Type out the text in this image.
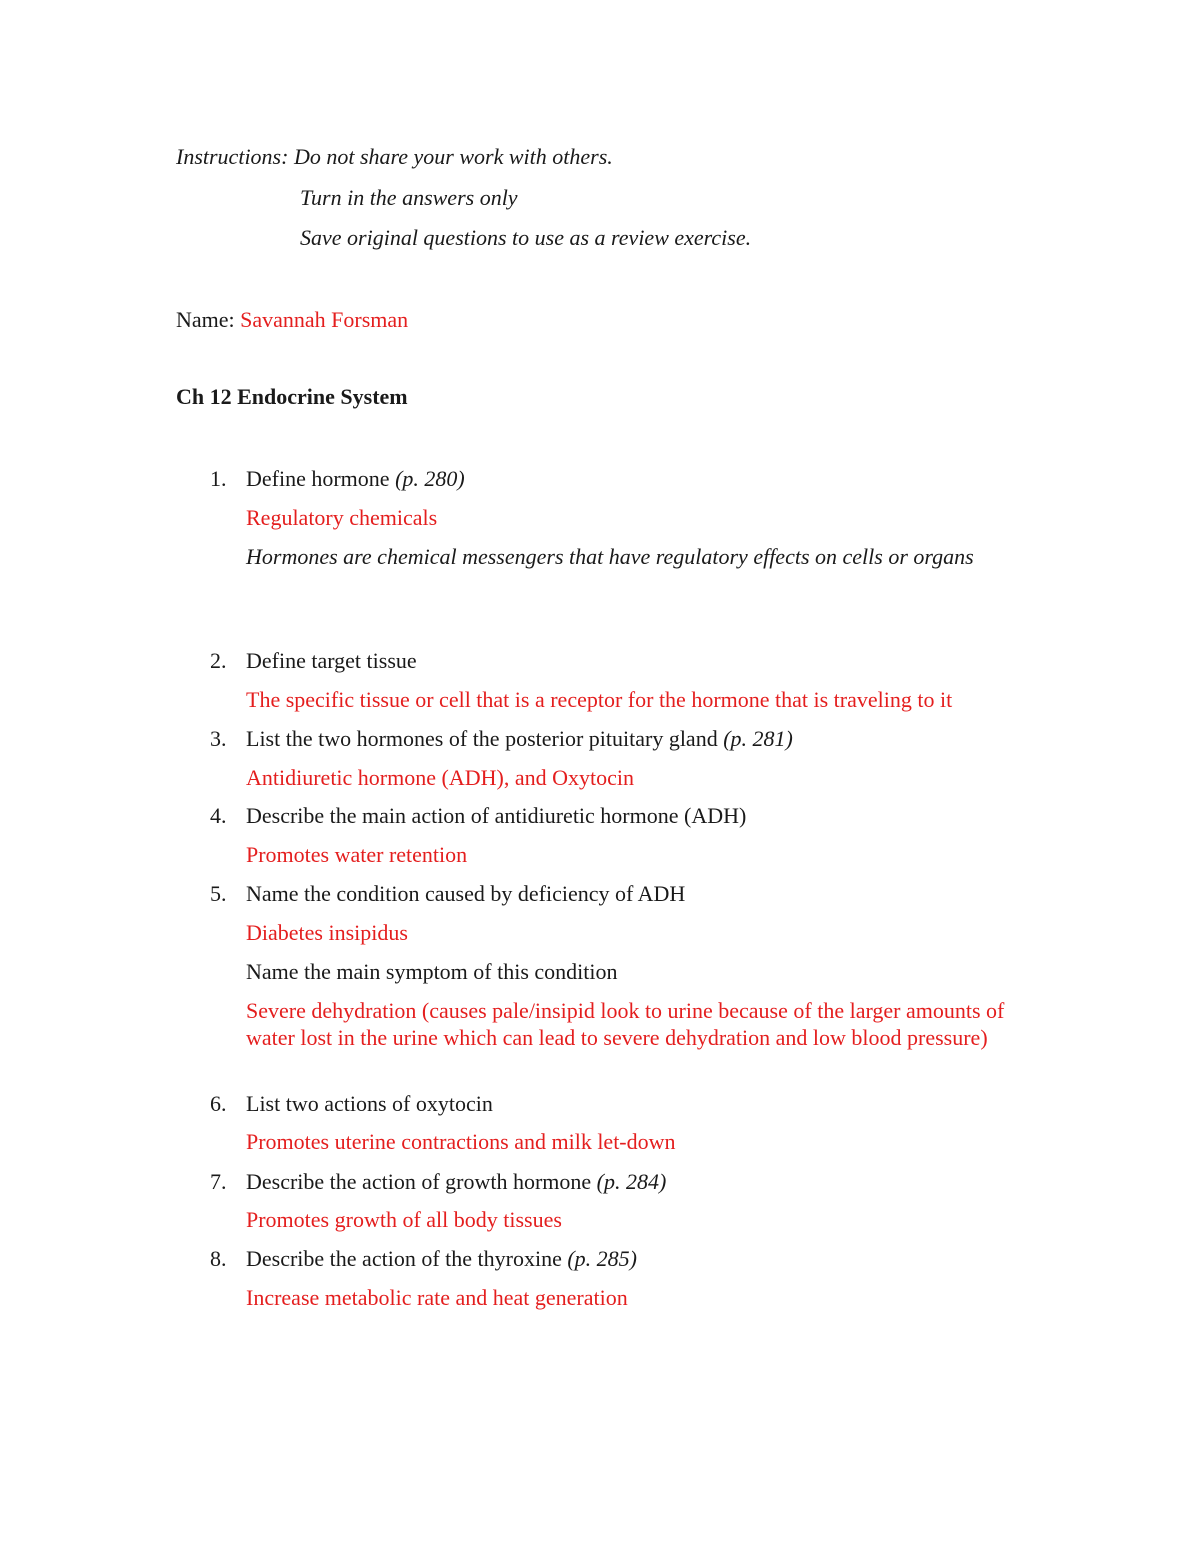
Instructions: Do not share your work with others.
Turn in the answers only
Save original questions to use as a review exercise.
Name: Savannah Forsman
Ch 12 Endocrine System
1. Define hormone (p. 280)
Regulatory chemicals
Hormones are chemical messengers that have regulatory effects on cells or organs
2. Define target tissue
The specific tissue or cell that is a receptor for the hormone that is traveling to it
3. List the two hormones of the posterior pituitary gland (p. 281)
Antidiuretic hormone (ADH), and Oxytocin
4. Describe the main action of antidiuretic hormone (ADH)
Promotes water retention
5. Name the condition caused by deficiency of ADH
Diabetes insipidus
Name the main symptom of this condition
Severe dehydration (causes pale/insipid look to urine because of the larger amounts of water lost in the urine which can lead to severe dehydration and low blood pressure)
6. List two actions of oxytocin
Promotes uterine contractions and milk let-down
7. Describe the action of growth hormone (p. 284)
Promotes growth of all body tissues
8. Describe the action of the thyroxine (p. 285)
Increase metabolic rate and heat generation
